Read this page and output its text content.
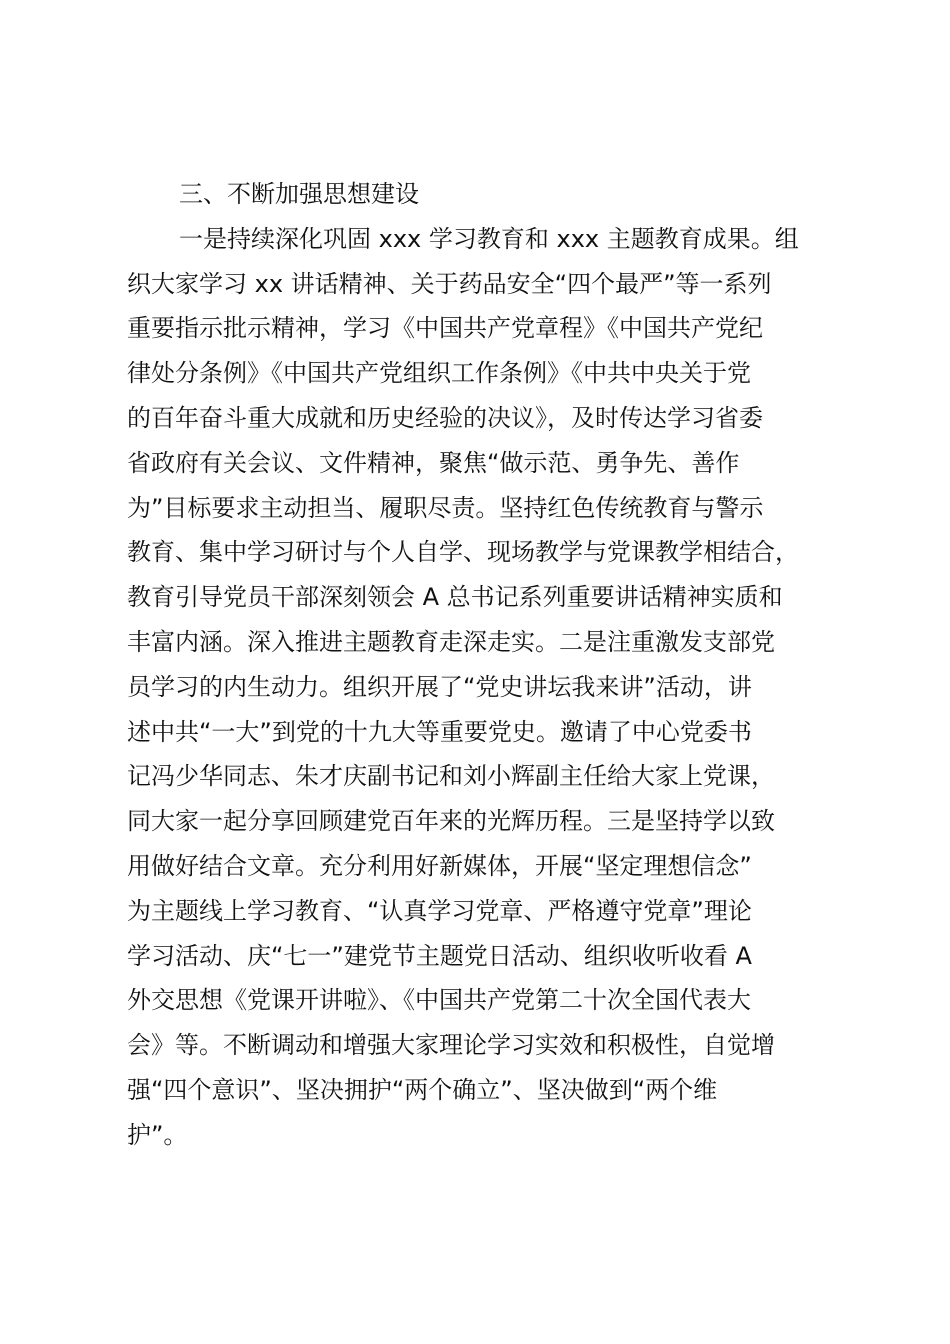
三、不断加强思想建设
一是持续深化巩固 xxx 学习教育和 xxx 主题教育成果。组
织大家学习 xx 讲话精神、关于药品安全“四个最严”等一系列
重要指示批示精神，学习《中国共产党章程》《中国共产党纪
律处分条例》《中国共产党组织工作条例》《中共中央关于党
的百年奋斗重大成就和历史经验的决议》，及时传达学习省委
省政府有关会议、文件精神，聚焦“做示范、勇争先、善作
为”目标要求主动担当、履职尽责。坚持红色传统教育与警示
教育、集中学习研讨与个人自学、现场教学与党课教学相结合，
教育引导党员干部深刻领会 A 总书记系列重要讲话精神实质和
丰富内涵。深入推进主题教育走深走实。二是注重激发支部党
员学习的内生动力。组织开展了“党史讲坛我来讲”活动，讲
述中共“一大”到党的十九大等重要党史。邀请了中心党委书
记冯少华同志、朱才庆副书记和刘小辉副主任给大家上党课，
同大家一起分享回顾建党百年来的光辉历程。三是坚持学以致
用做好结合文章。充分利用好新媒体，开展“坚定理想信念”
为主题线上学习教育、“认真学习党章、严格遵守党章”理论
学习活动、庆“七一”建党节主题党日活动、组织收听收看 A
外交思想《党课开讲啦》、《中国共产党第二十次全国代表大
会》等。不断调动和增强大家理论学习实效和积极性，自觉增
强“四个意识”、坚决拥护“两个确立”、坚决做到“两个维
护”。
